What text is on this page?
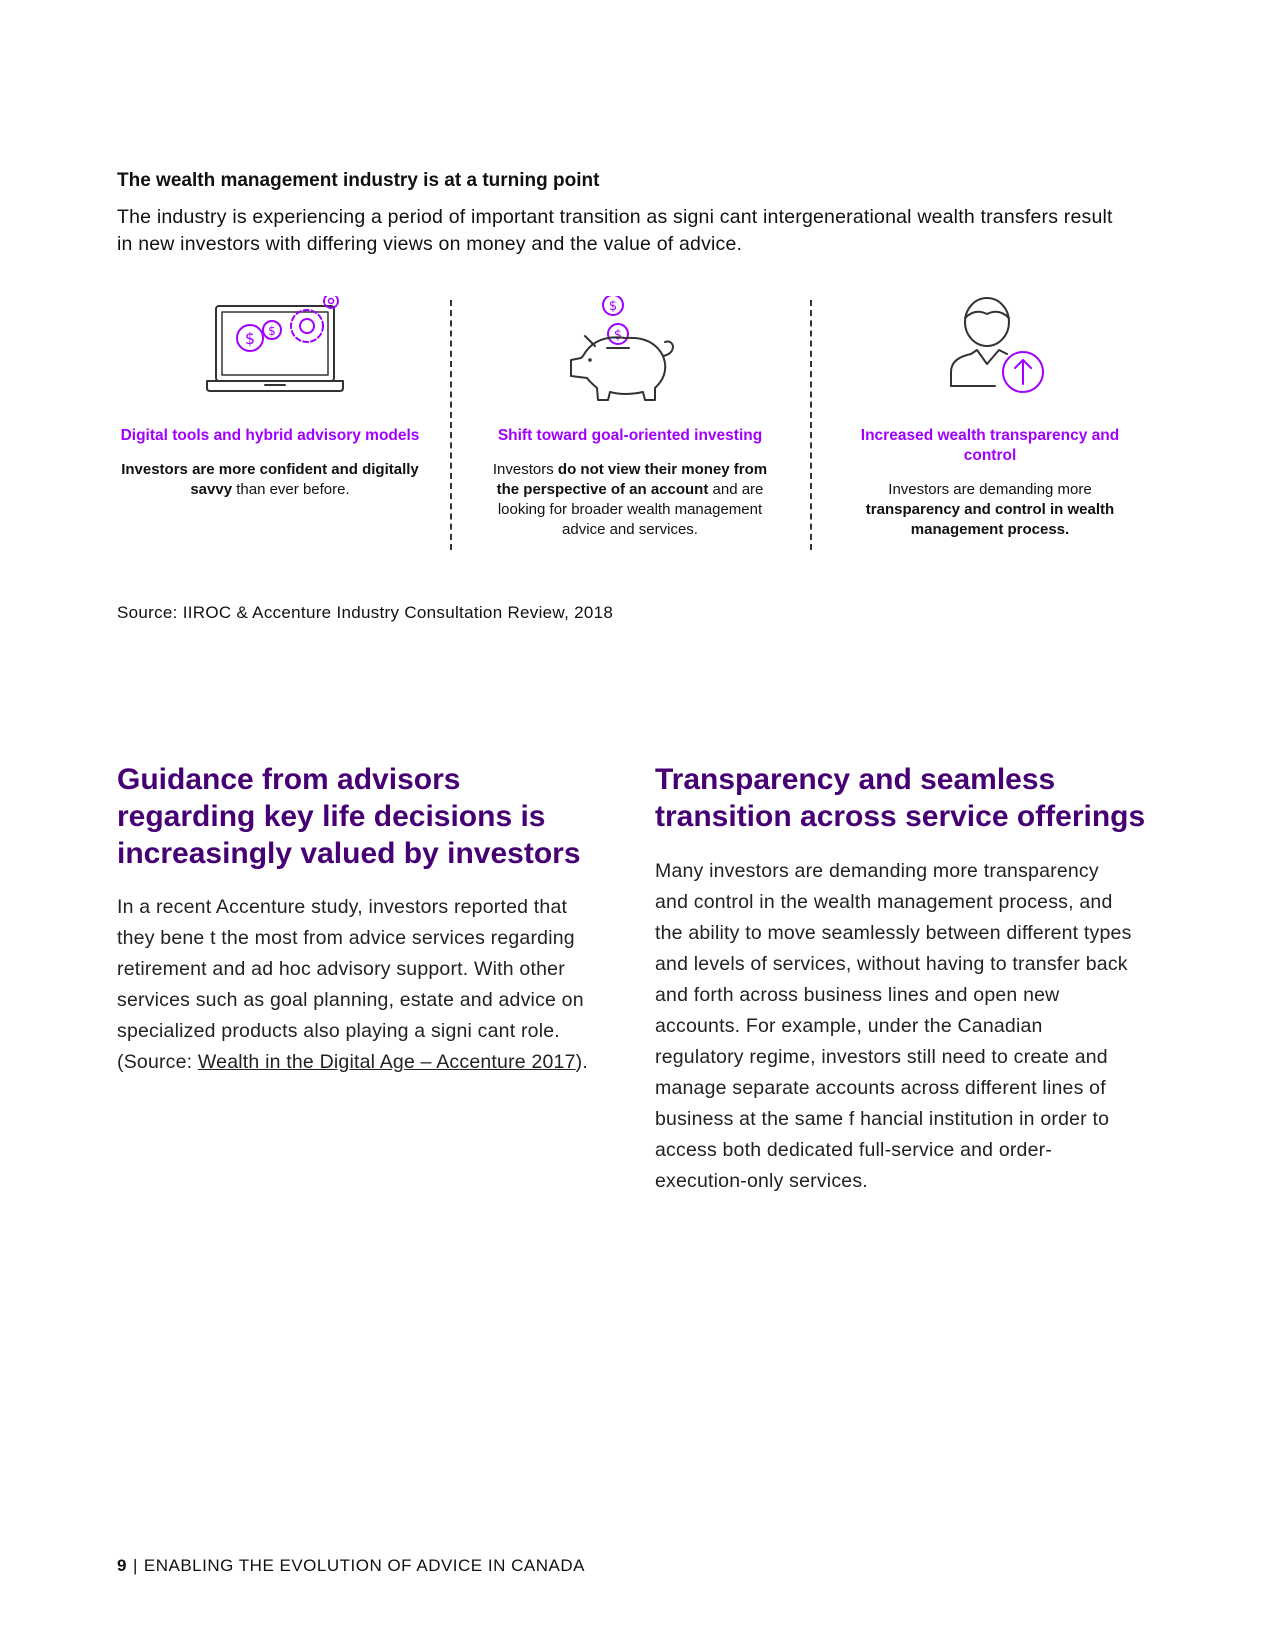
The wealth management industry is at a turning point
The industry is experiencing a period of important transition as signi cant intergenerational wealth transfers result in new investors with differing views on money and the value of advice.
$ $
Digital tools and hybrid advisory models
Investors are more confident and digitally savvy than ever before.
$
$
Shift toward goal-oriented investing
Investors do not view their money from the perspective of an account and are looking for broader wealth management advice and services.
Increased wealth transparency and control
Investors are demanding more transparency and control in wealth management process.
Source: IIROC & Accenture Industry Consultation Review, 2018
Guidance from advisors regarding key life decisions is increasingly valued by investors
In a recent Accenture study, investors reported that they bene t the most from advice services regarding retirement and ad hoc advisory support. With other services such as goal planning, estate and advice on specialized products also playing a signi cant role. (Source: Wealth in the Digital Age – Accenture 2017).
Transparency and seamless transition across service offerings
Many investors are demanding more transparency and control in the wealth management process, and the ability to move seamlessly between different types and levels of services, without having to transfer back and forth across business lines and open new accounts. For example, under the Canadian regulatory regime, investors still need to create and manage separate accounts across different lines of business at the same f hancial institution in order to access both dedicated full-service and order-execution-only services.
9 | ENABLING THE EVOLUTION OF ADVICE IN CANADA
